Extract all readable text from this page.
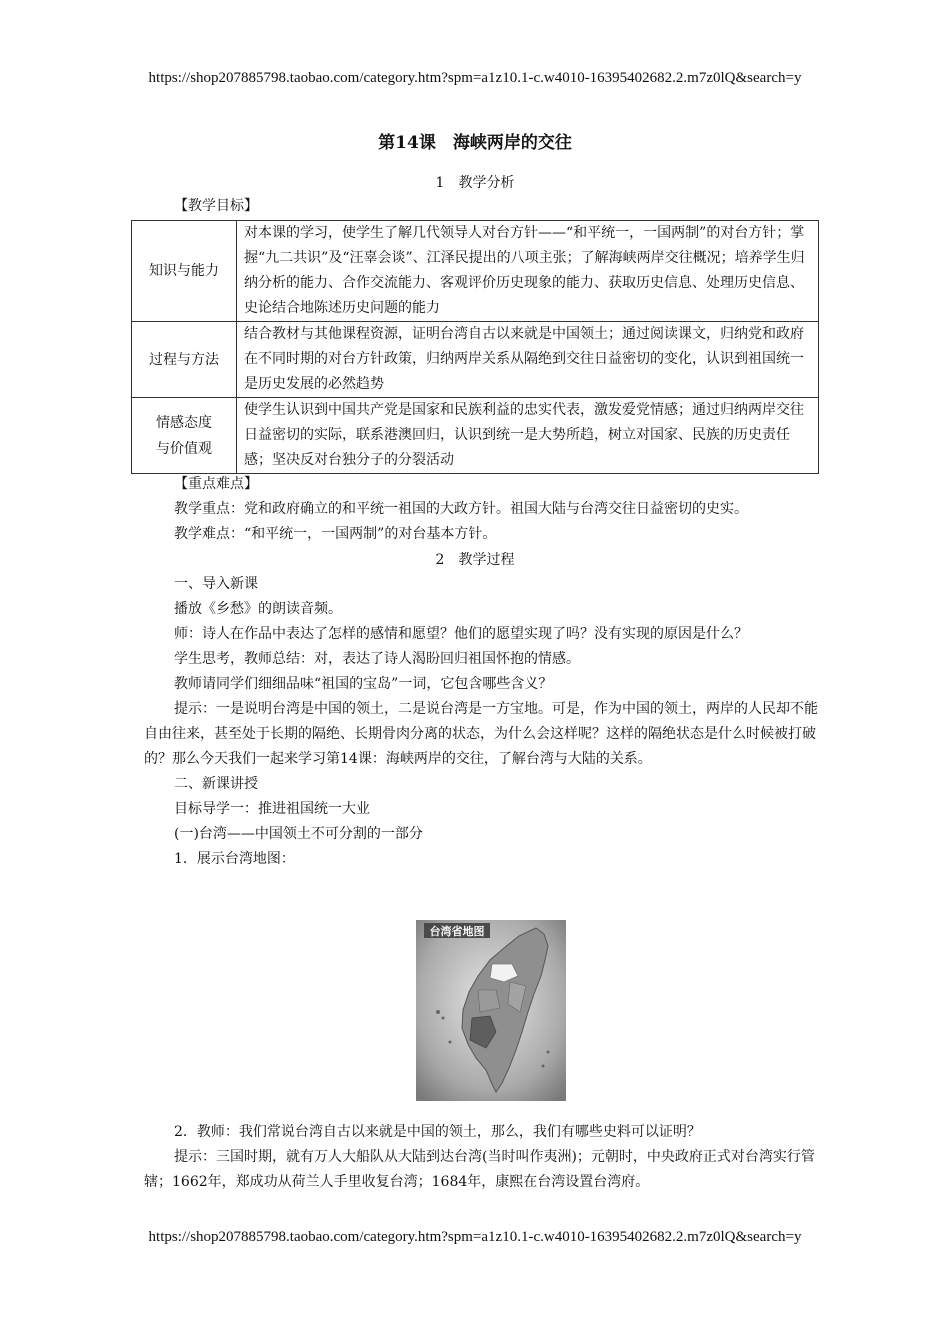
https://shop207885798.taobao.com/category.htm?spm=a1z10.1-c.w4010-16395402682.2.m7z0lQ&search=y
第14课　海峡两岸的交往
1　教学分析

【教学目标】

知识与能力	对本课的学习，使学生了解几代领导人对台方针——“和平统一，一国两制”的对台方针；掌握“九二共识”及“汪辜会谈”、江泽民提出的八项主张；了解海峡两岸交往概况；培养学生归纳分析的能力、合作交流能力、客观评价历史现象的能力、获取历史信息、处理历史信息、史论结合地陈述历史问题的能力
过程与方法	结合教材与其他课程资源，证明台湾自古以来就是中国领土；通过阅读课文，归纳党和政府在不同时期的对台方针政策，归纳两岸关系从隔绝到交往日益密切的变化，认识到祖国统一是历史发展的必然趋势

情感态度
与价值观	使学生认识到中国共产党是国家和民族利益的忠实代表，激发爱党情感；通过归纳两岸交往日益密切的实际，联系港澳回归，认识到统一是大势所趋，树立对国家、民族的历史责任感；坚决反对台独分子的分裂活动

【重点难点】

教学重点：党和政府确立的和平统一祖国的大政方针。祖国大陆与台湾交往日益密切的史实。

教学难点：“和平统一，一国两制”的对台基本方针。

2　教学过程

一、导入新课

播放《乡愁》的朗读音频。

师：诗人在作品中表达了怎样的感情和愿望？他们的愿望实现了吗？没有实现的原因是什么？

学生思考，教师总结：对，表达了诗人渴盼回归祖国怀抱的情感。

教师请同学们细细品味“祖国的宝岛”一词，它包含哪些含义？

提示：一是说明台湾是中国的领土，二是说台湾是一方宝地。可是，作为中国的领土，两岸的人民却不能自由往来，甚至处于长期的隔绝、长期骨肉分离的状态，为什么会这样呢？这样的隔绝状态是什么时候被打破的？那么今天我们一起来学习第14课：海峡两岸的交往，了解台湾与大陆的关系。

二、新课讲授

目标导学一：推进祖国统一大业

(一)台湾——中国领土不可分割的一部分

1．展示台湾地图：

台湾省地图

2．教师：我们常说台湾自古以来就是中国的领土，那么，我们有哪些史料可以证明？

提示：三国时期，就有万人大船队从大陆到达台湾(当时叫作夷洲)；元朝时，中央政府正式对台湾实行管辖；1662年，郑成功从荷兰人手里收复台湾；1684年，康熙在台湾设置台湾府。

https://shop207885798.taobao.com/category.htm?spm=a1z10.1-c.w4010-16395402682.2.m7z0lQ&search=y
